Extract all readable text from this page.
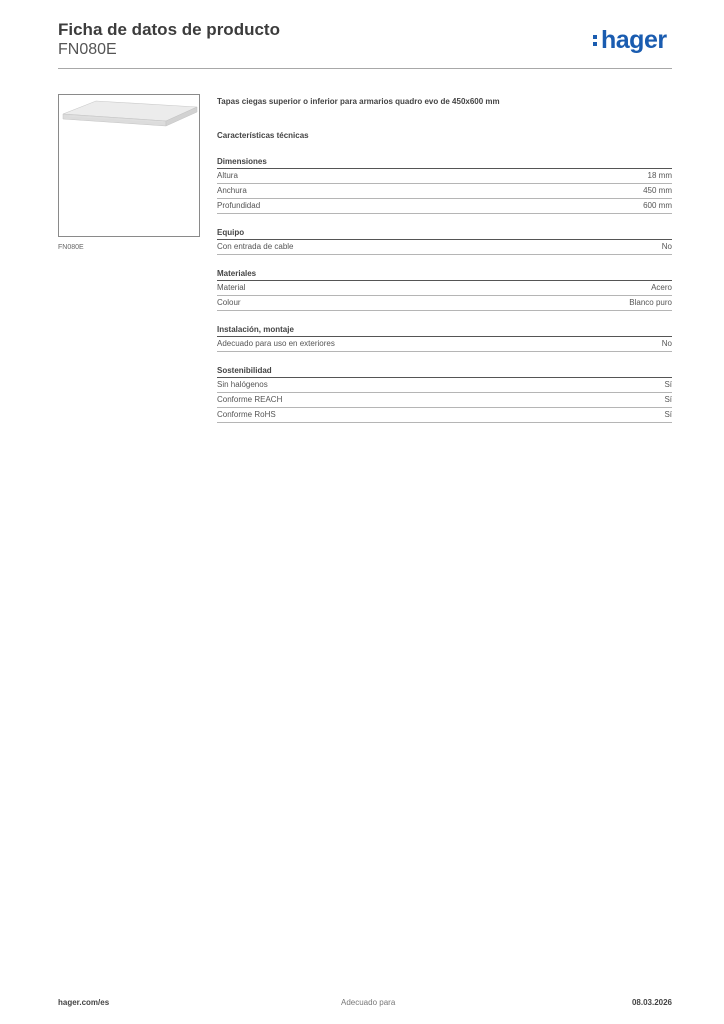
Ficha de datos de producto
FN080E	hager
FN080E
Tapas ciegas superior o inferior para armarios quadro evo de 450x600 mm
Características técnicas
Dimensiones
Altura	18 mm
Anchura	450 mm
Profundidad	600 mm
Equipo
Con entrada de cable	No
Materiales
Material	Acero
Colour	Blanco puro
Instalación, montaje
Adecuado para uso en exteriores	No
Sostenibilidad
Sin halógenos	Sí
Conforme REACH	Sí
Conforme RoHS	Sí
hager.com/es	Adecuado para	08.03.2026
